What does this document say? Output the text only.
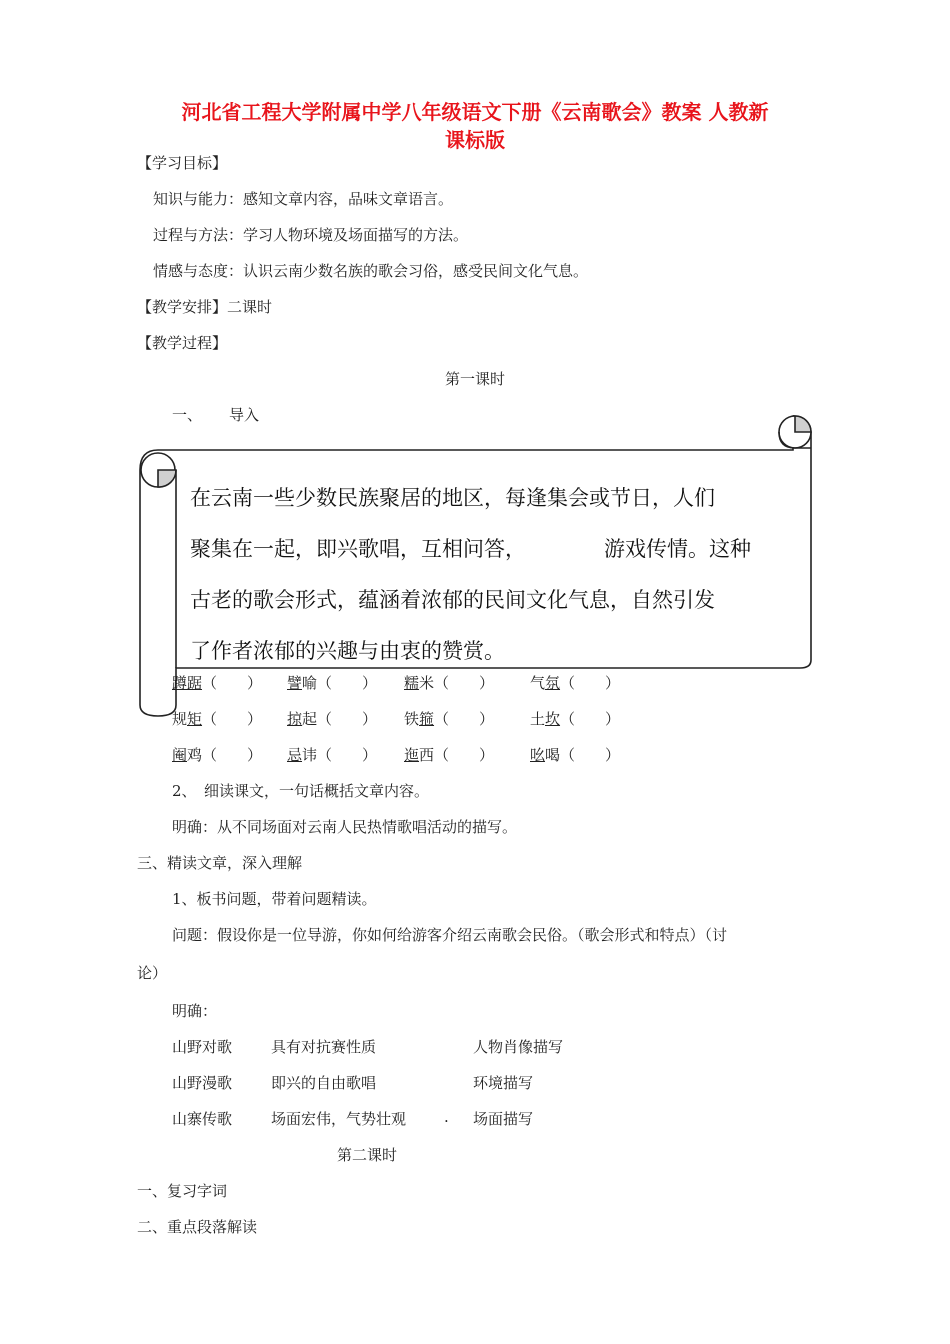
河北省工程大学附属中学八年级语文下册《云南歌会》教案 人教新
课标版
【学习目标】
知识与能力：感知文章内容，品味文章语言。
过程与方法：学习人物环境及场面描写的方法。
情感与态度：认识云南少数名族的歌会习俗，感受民间文化气息。
【教学安排】二课时
【教学过程】
第一课时
一、 导入
在云南一些少数民族聚居的地区，每逢集会或节日，人们
聚集在一起，即兴歌唱，互相问答，	游戏传情。这种
古老的歌会形式，蕴涵着浓郁的民间文化气息，自然引发
了作者浓郁的兴趣与由衷的赞赏。
蹲踞（　　） 譬喻（　　） 糯米（　　） 气氛（　　）
规矩（　　） 掠起（　　） 铁箍（　　） 土坎（　　）
阉鸡（　　） 忌讳（　　） 迤西（　　） 吆喝（　　）
2、　细读课文，一句话概括文章内容。
明确：从不同场面对云南人民热情歌唱活动的描写。
三、精读文章，深入理解
1、板书问题，带着问题精读。
问题：假设你是一位导游，你如何给游客介绍云南歌会民俗。（歌会形式和特点）（讨
论）
明确：
山野对歌	具有对抗赛性质	人物肖像描写
山野漫歌	即兴的自由歌唱	环境描写
山寨传歌	场面宏伟，气势壮观	. 场面描写
第二课时
一、复习字词
二、重点段落解读
